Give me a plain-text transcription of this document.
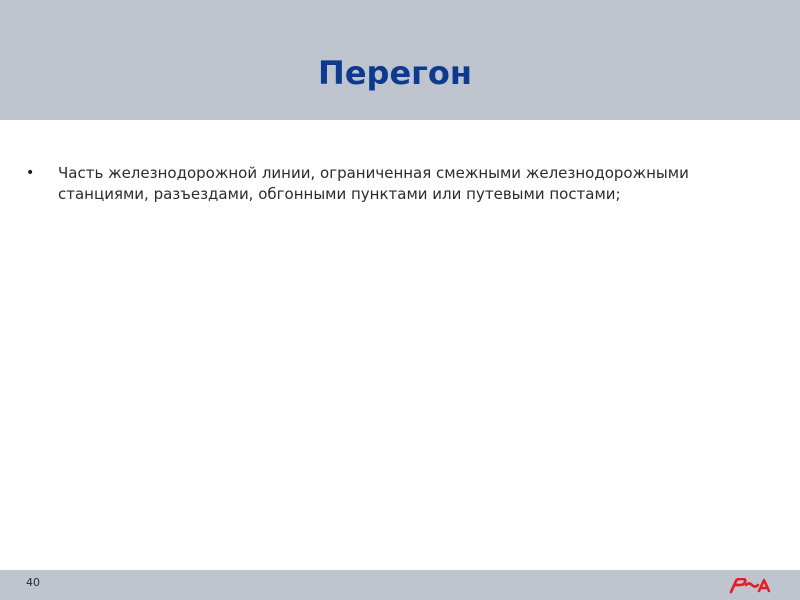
Перегон
•	Часть железнодорожной линии, ограниченная смежными железнодорожными станциями, разъездами, обгонными пунктами или путевыми постами;
40
